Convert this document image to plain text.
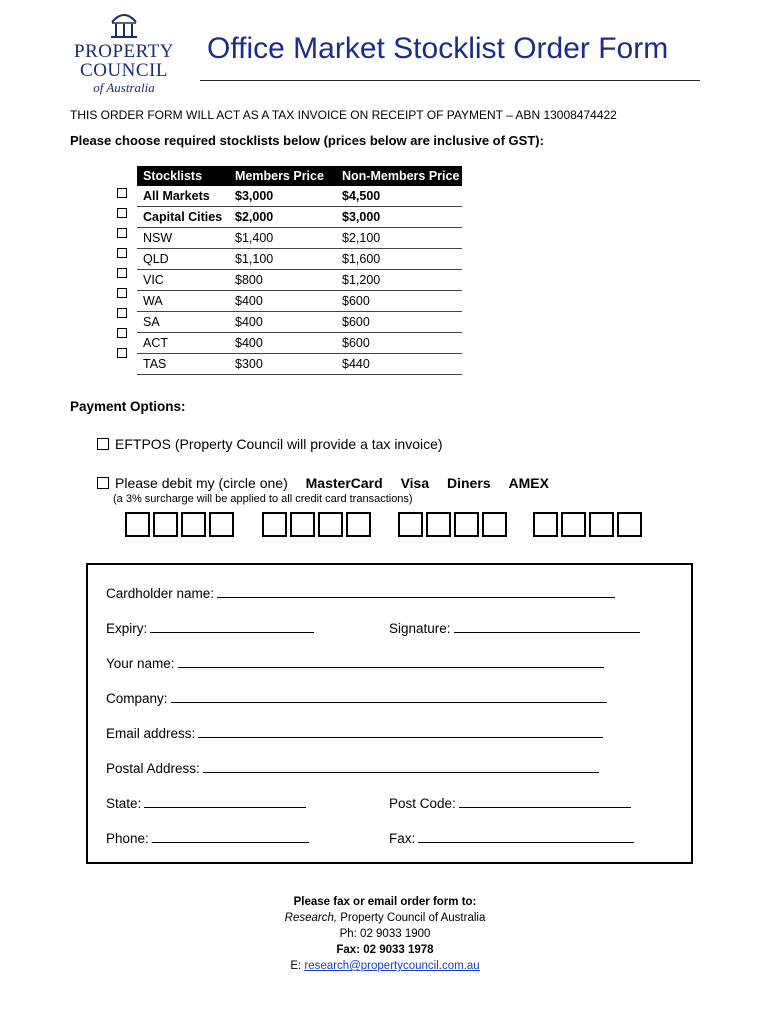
PROPERTY
COUNCIL
of Australia
Office Market Stocklist Order Form
THIS ORDER FORM WILL ACT AS A TAX INVOICE ON RECEIPT OF PAYMENT – ABN 13008474422
Please choose required stocklists below (prices below are inclusive of GST):
Stocklists	Members Price	Non-Members Price
All Markets	$3,000	$4,500
Capital Cities	$2,000	$3,000
NSW	$1,400	$2,100
QLD	$1,100	$1,600
VIC	$800	$1,200
WA	$400	$600
SA	$400	$600
ACT	$400	$600
TAS	$300	$440
Payment Options:
EFTPOS (Property Council will provide a tax invoice)
Please debit my (circle one) MasterCard Visa Diners AMEX
(a 3% surcharge will be applied to all credit card transactions)
Cardholder name:
Expiry:	Signature:
Your name:
Company:
Email address:
Postal Address:
State:	Post Code:
Phone:	Fax:
Please fax or email order form to:
Research, Property Council of Australia
Ph: 02 9033 1900
Fax: 02 9033 1978
E: research@propertycouncil.com.au
